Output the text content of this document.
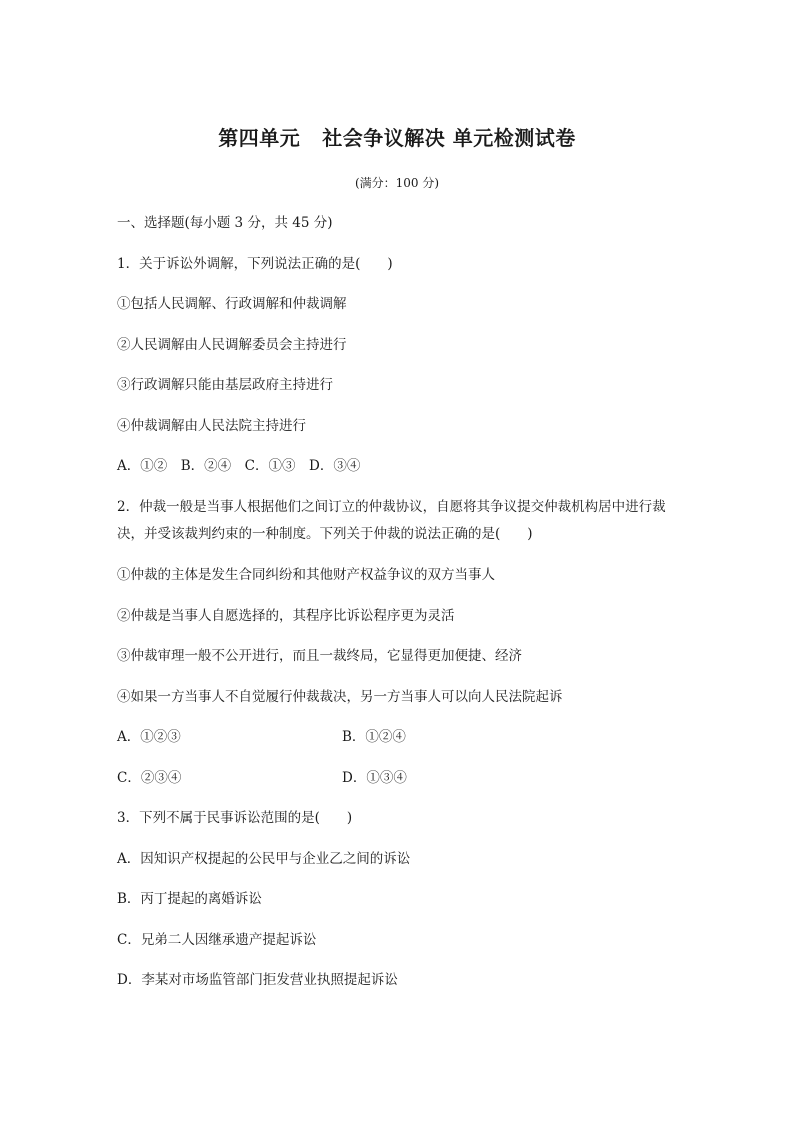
第四单元 社会争议解决 单元检测试卷
(满分：100 分)
一、选择题(每小题 3 分，共 45 分)
1．关于诉讼外调解，下列说法正确的是(　　)
①包括人民调解、行政调解和仲裁调解
②人民调解由人民调解委员会主持进行
③行政调解只能由基层政府主持进行
④仲裁调解由人民法院主持进行
A．①②　B．②④　C．①③　D．③④
2．仲裁一般是当事人根据他们之间订立的仲裁协议，自愿将其争议提交仲裁机构居中进行裁决，并受该裁判约束的一种制度。下列关于仲裁的说法正确的是(　　)
①仲裁的主体是发生合同纠纷和其他财产权益争议的双方当事人
②仲裁是当事人自愿选择的，其程序比诉讼程序更为灵活
③仲裁审理一般不公开进行，而且一裁终局，它显得更加便捷、经济
④如果一方当事人不自觉履行仲裁裁决，另一方当事人可以向人民法院起诉
A．①②③	B．①②④
C．②③④	D．①③④
3．下列不属于民事诉讼范围的是(　　)
A．因知识产权提起的公民甲与企业乙之间的诉讼
B．丙丁提起的离婚诉讼
C．兄弟二人因继承遗产提起诉讼
D．李某对市场监管部门拒发营业执照提起诉讼
